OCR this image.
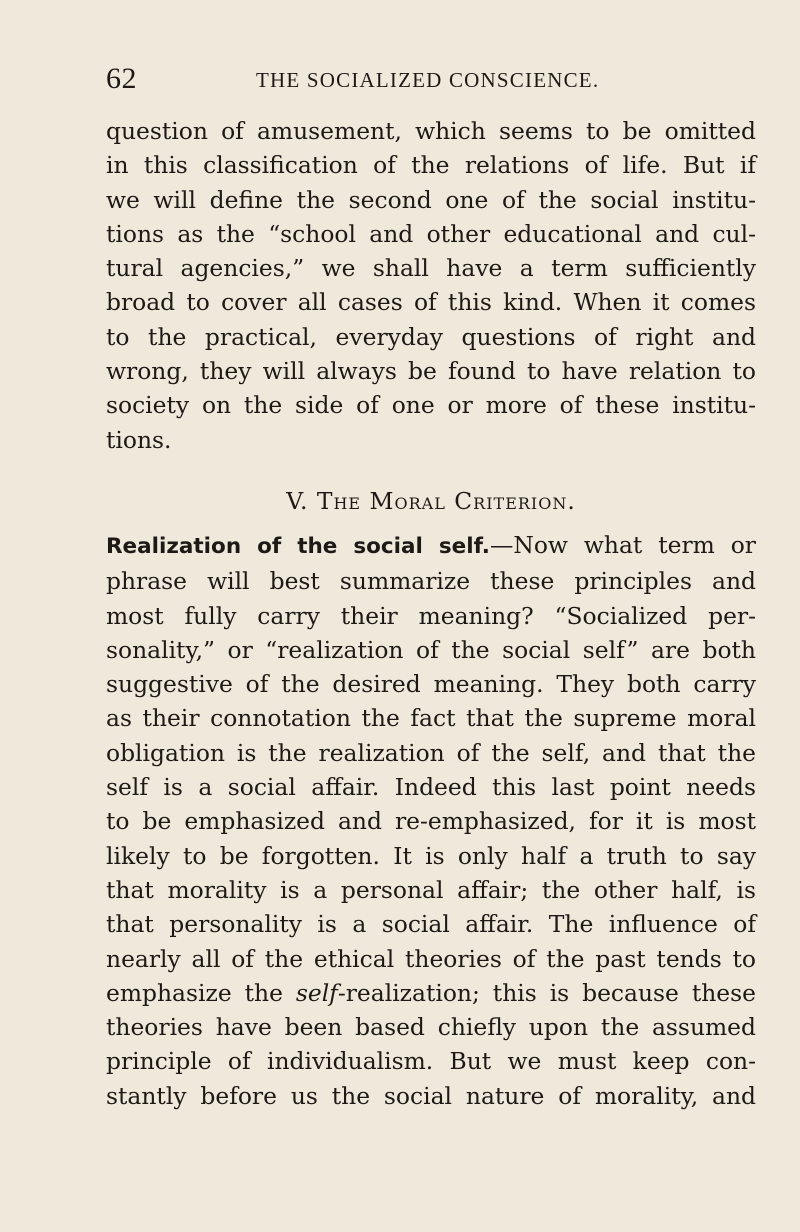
62	THE SOCIALIZED CONSCIENCE.
question of amusement, which seems to be omitted
in this classification of the relations of life. But if
we will define the second one of the social institu-
tions as the “school and other educational and cul-
tural agencies,” we shall have a term sufficiently
broad to cover all cases of this kind. When it comes
to the practical, everyday questions of right and
wrong, they will always be found to have relation to
society on the side of one or more of these institu-
tions.
V. The Moral Criterion.
Realization of the social self.—Now what term or
phrase will best summarize these principles and
most fully carry their meaning? “Socialized per-
sonality,” or “realization of the social self” are both
suggestive of the desired meaning. They both carry
as their connotation the fact that the supreme moral
obligation is the realization of the self, and that the
self is a social affair. Indeed this last point needs
to be emphasized and re-emphasized, for it is most
likely to be forgotten. It is only half a truth to say
that morality is a personal affair; the other half, is
that personality is a social affair. The influence of
nearly all of the ethical theories of the past tends to
emphasize the self-realization; this is because these
theories have been based chiefly upon the assumed
principle of individualism. But we must keep con-
stantly before us the social nature of morality, and
